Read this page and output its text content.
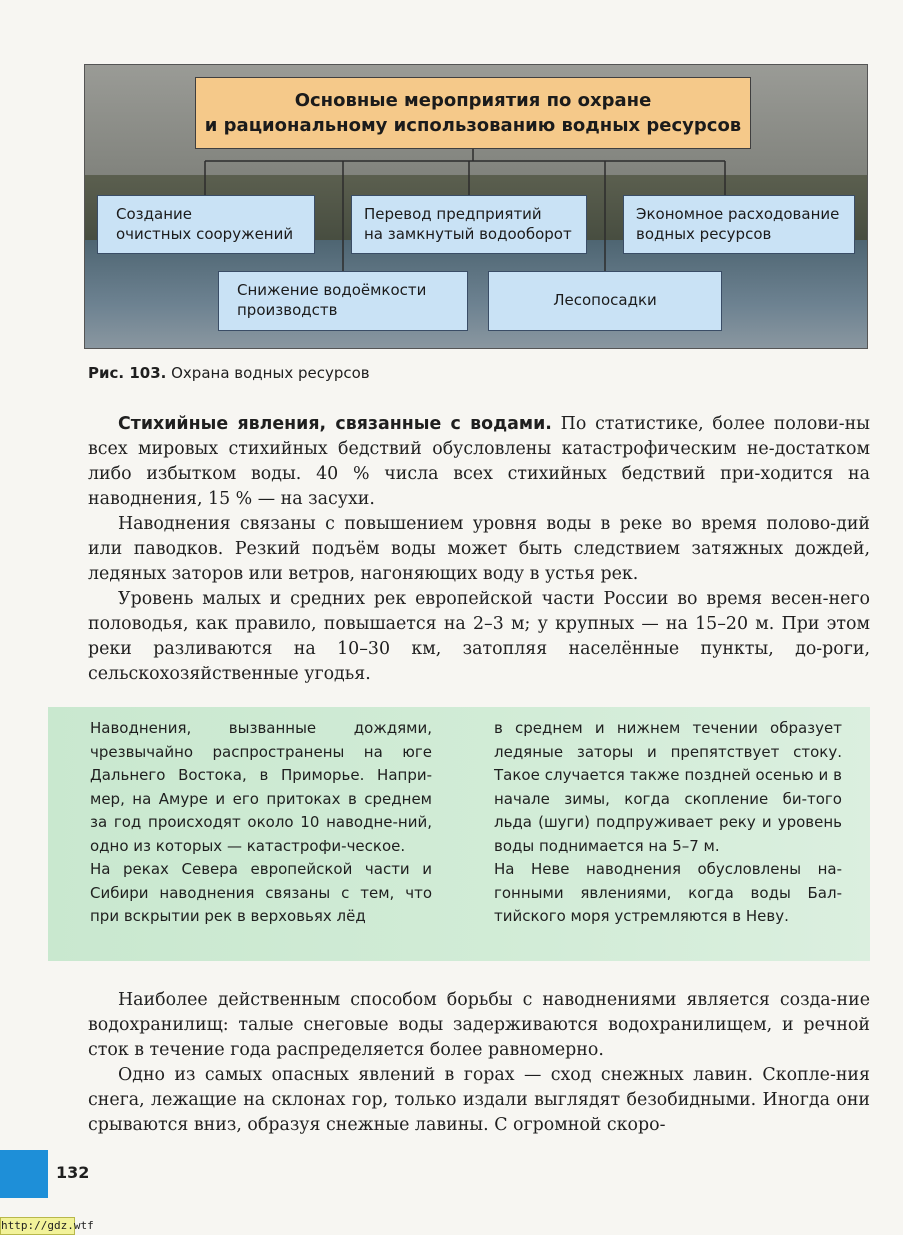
Основные мероприятия по охране
и рациональному использованию водных ресурсов
Создание
очистных сооружений
Перевод предприятий
на замкнутый водооборот
Экономное расходование
водных ресурсов
Снижение водоёмкости
производств
Лесопосадки
Рис. 103. Охрана водных ресурсов

Стихийные явления, связанные с водами. По статистике, более полови-ны всех мировых стихийных бедствий обусловлены катастрофическим не-достатком либо избытком воды. 40 % числа всех стихийных бедствий при-ходится на наводнения, 15 % — на засухи.

Наводнения связаны с повышением уровня воды в реке во время полово-дий или паводков. Резкий подъём воды может быть следствием затяжных дождей, ледяных заторов или ветров, нагоняющих воду в устья рек.

Уровень малых и средних рек европейской части России во время весен-него половодья, как правило, повышается на 2–3 м; у крупных — на 15–20 м. При этом реки разливаются на 10–30 км, затопляя населённые пункты, до-роги, сельскохозяйственные угодья.

Наводнения, вызванные дождями, чрезвычайно распространены на юге Дальнего Востока, в Приморье. Напри-мер, на Амуре и его притоках в среднем за год происходят около 10 наводне-ний, одно из которых — катастрофи-ческое.

На реках Севера европейской части и Сибири наводнения связаны с тем, что при вскрытии рек в верховьях лёд

в среднем и нижнем течении образует ледяные заторы и препятствует стоку. Такое случается также поздней осенью и в начале зимы, когда скопление би-того льда (шуги) подпруживает реку и уровень воды поднимается на 5–7 м.

На Неве наводнения обусловлены на-гонными явлениями, когда воды Бал-тийского моря устремляются в Неву.

Наиболее действенным способом борьбы с наводнениями является созда-ние водохранилищ: талые снеговые воды задерживаются водохранилищем, и речной сток в течение года распределяется более равномерно.

Одно из самых опасных явлений в горах — сход снежных лавин. Скопле-ния снега, лежащие на склонах гор, только издали выглядят безобидными. Иногда они срываются вниз, образуя снежные лавины. С огромной скоро-

132
http://gdz.wtf
